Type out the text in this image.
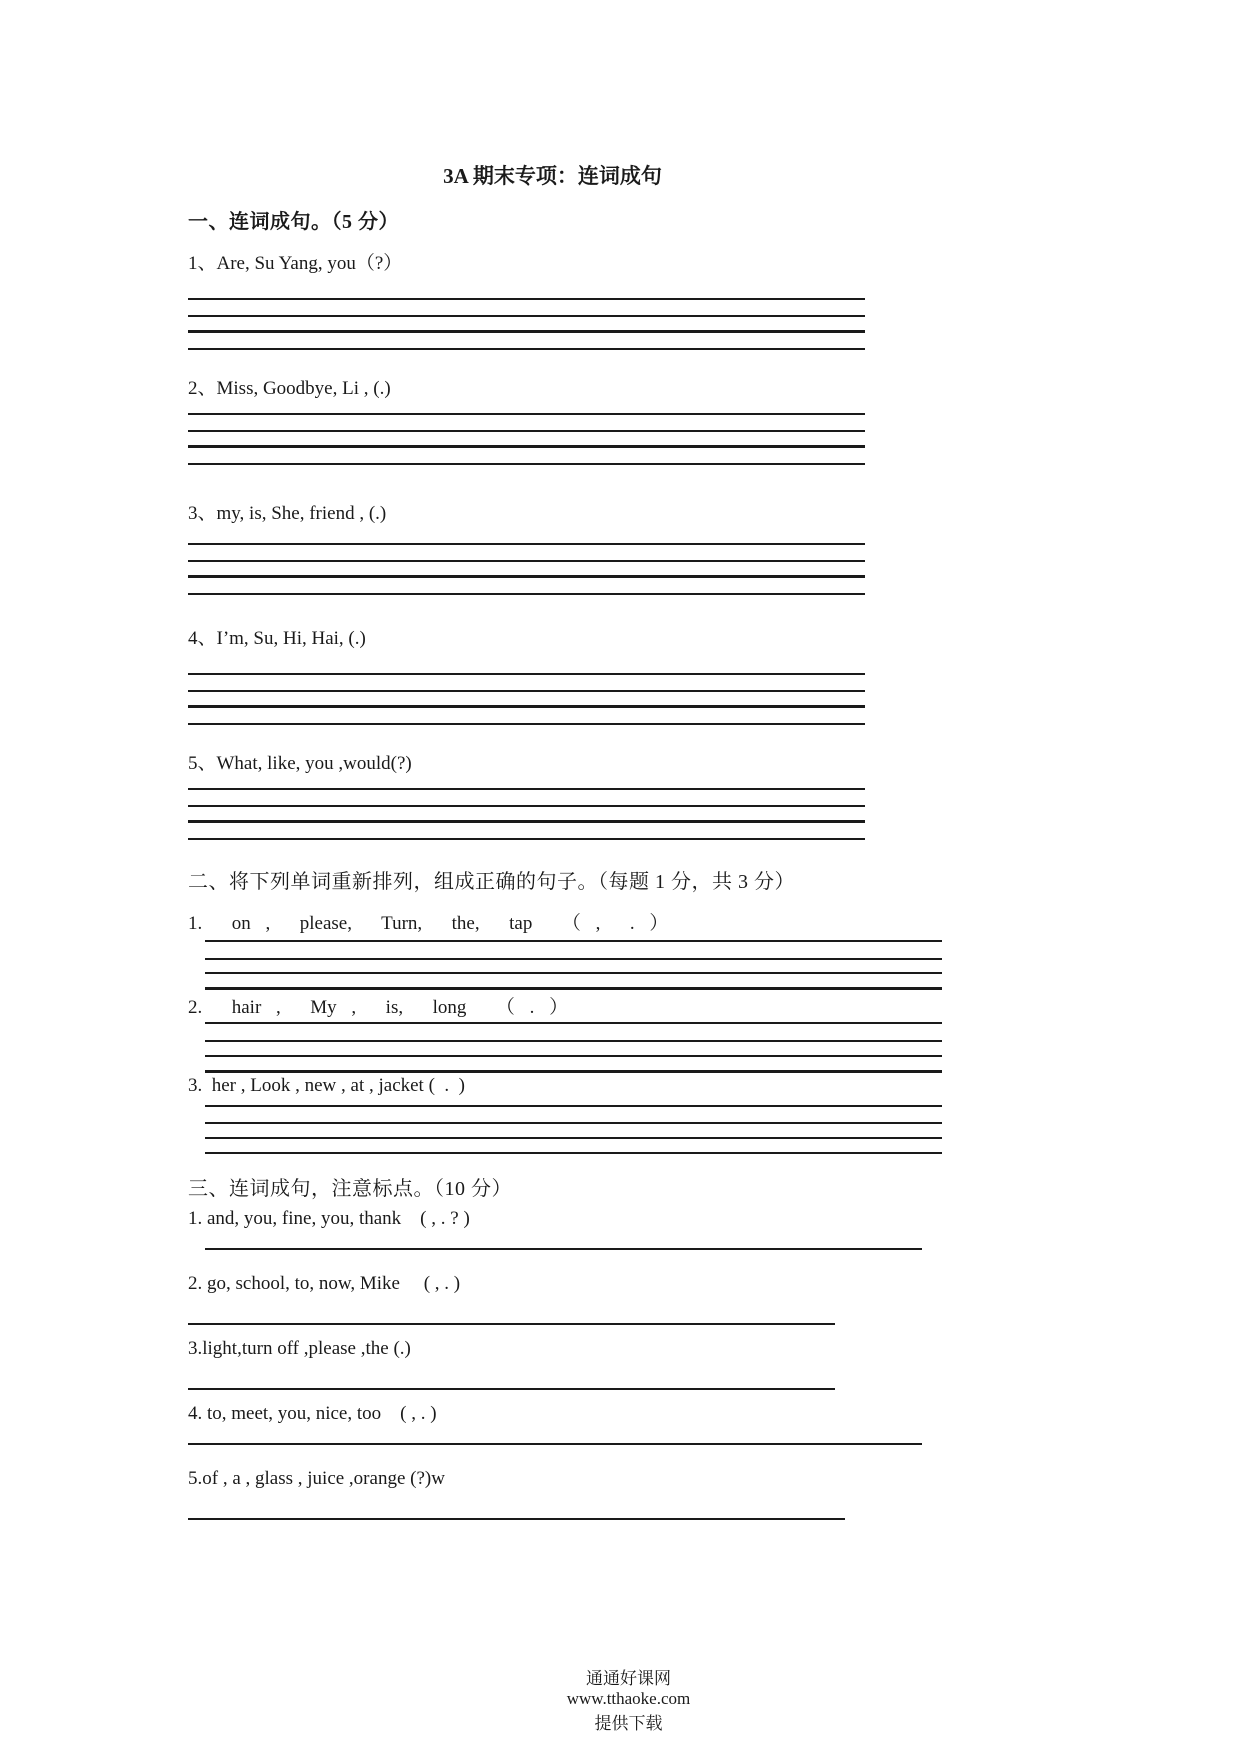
3A 期末专项：连词成句
一、连词成句。（5 分）
1、Are, Su Yang, you（?）
2、Miss, Goodbye, Li , (.)
3、my, is, She, friend , (.)
4、I’m, Su, Hi, Hai, (.)
5、What, like, you ,would(?)
二、将下列单词重新排列，组成正确的句子。（每题 1 分，共 3 分）
1.  on ,  please,  Turn,  the,  tap  （ ,  . ）
2.  hair ,  My ,  is,  long  （ . ）
3.  her , Look , new , at , jacket (  .  )
三、连词成句，注意标点。（10 分）
1. and, you, fine, you, thank    ( , . ? )
2. go, school, to, now, Mike     ( , . )
3.light,turn off ,please ,the (.)
4. to, meet, you, nice, too    ( , . )
5.of , a , glass , juice ,orange (?)w

通通好课网
www.tthaoke.com
提供下载
